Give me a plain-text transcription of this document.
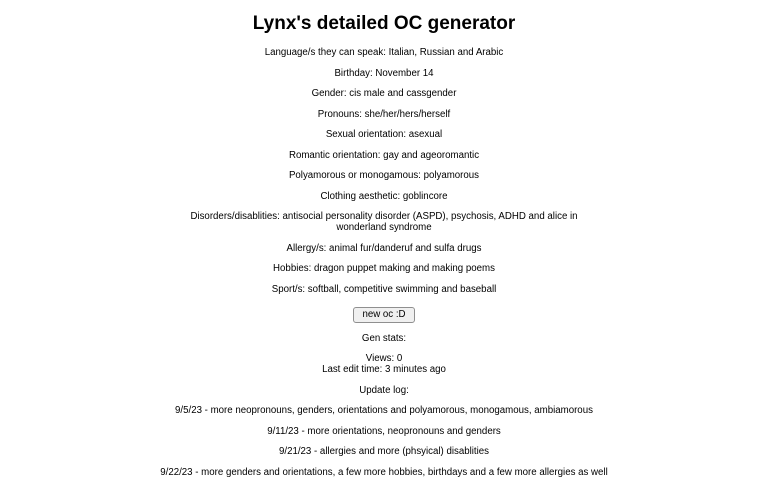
Lynx's detailed OC generator

Language/s they can speak: Italian, Russian and Arabic

Birthday: November 14

Gender: cis male and cassgender

Pronouns: she/her/hers/herself

Sexual orientation: asexual

Romantic orientation: gay and ageoromantic

Polyamorous or monogamous: polyamorous

Clothing aesthetic: goblincore

Disorders/disablities: antisocial personality disorder (ASPD), psychosis, ADHD and alice in wonderland syndrome

Allergy/s: animal fur/danderuf and sulfa drugs

Hobbies: dragon puppet making and making poems

Sport/s: softball, competitive swimming and baseball

new oc :D

Gen stats:

Views: 0
Last edit time: 3 minutes ago

Update log:

9/5/23 - more neopronouns, genders, orientations and polyamorous, monogamous, ambiamorous

9/11/23 - more orientations, neopronouns and genders

9/21/23 - allergies and more (phsyical) disablities

9/22/23 - more genders and orientations, a few more hobbies, birthdays and a few more allergies as well
